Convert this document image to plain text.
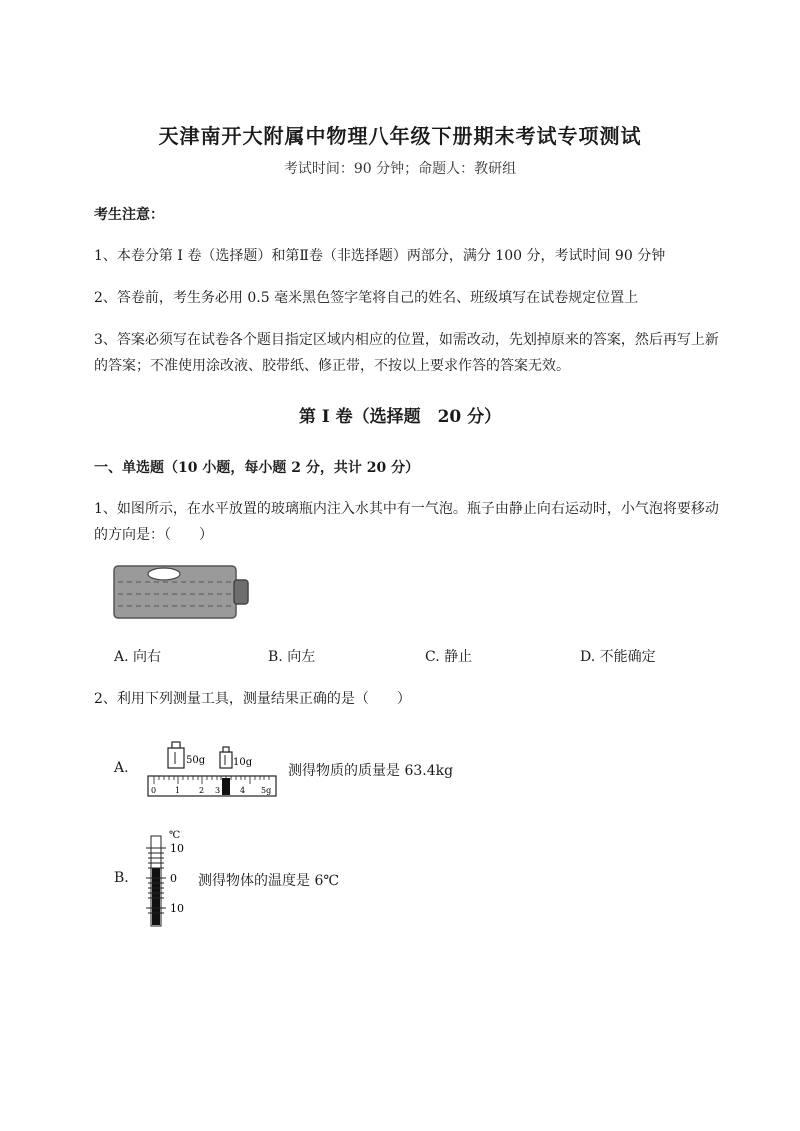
天津南开大附属中物理八年级下册期末考试专项测试
考试时间：90 分钟；命题人：教研组
考生注意：
1、本卷分第 I 卷（选择题）和第Ⅱ卷（非选择题）两部分，满分 100 分，考试时间 90 分钟
2、答卷前，考生务必用 0.5 毫米黑色签字笔将自己的姓名、班级填写在试卷规定位置上
3、答案必须写在试卷各个题目指定区域内相应的位置，如需改动，先划掉原来的答案，然后再写上新
的答案；不准使用涂改液、胶带纸、修正带，不按以上要求作答的答案无效。
第 I 卷（选择题　20 分）
一、单选题（10 小题，每小题 2 分，共计 20 分）
1、如图所示，在水平放置的玻璃瓶内注入水其中有一气泡。瓶子由静止向右运动时，小气泡将要移动
的方向是：（　　）
A. 向右	B. 向左	C. 静止	D. 不能确定
2、利用下列测量工具，测量结果正确的是（　　）
A.	50g	10g
0 1 2 3 4 5g
测得物质的质量是 63.4kg
B.
℃
10
0
10
测得物体的温度是 6℃
